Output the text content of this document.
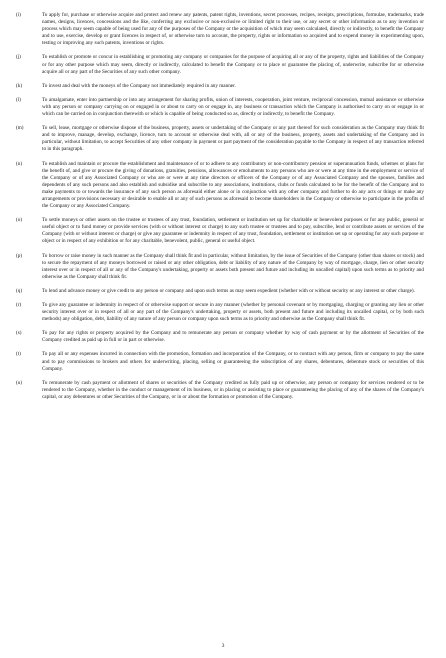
(i)	To apply for, purchase or otherwise acquire and protect and renew any patents, patent rights, inventions, secret processes, recipes, receipts, prescriptions, formulae, trademarks, trade names, designs, licences, concessions and the like, conferring any exclusive or non-exclusive or limited right to their use, or any secret or other information as to any invention or process which may seem capable of being used for any of the purposes of the Company or the acquisition of which may seem calculated, directly or indirectly, to benefit the Company and to use, exercise, develop or grant licences in respect of, or otherwise turn to account, the property, rights or information so acquired and to expend money in experimenting upon, testing or improving any such patents, inventions or rights.
(j)	To establish or promote or concur in establishing or promoting any company or companies for the purpose of acquiring all or any of the property, rights and liabilities of the Company or for any other purpose which may seem, directly or indirectly, calculated to benefit the Company or to place or guarantee the placing of, underwrite, subscribe for or otherwise acquire all or any part of the Securities of any such other company.
(k)	To invest and deal with the moneys of the Company not immediately required in any manner.
(l)	To amalgamate, enter into partnership or into any arrangement for sharing profits, union of interests, cooperation, joint venture, reciprocal concession, mutual assistance or otherwise with any person or company carrying on or engaged in or about to carry on or engage in, any business or transaction which the Company is authorised to carry on or engage in or which can be carried on in conjunction therewith or which is capable of being conducted so as, directly or indirectly, to benefit the Company.
(m)	To sell, lease, mortgage or otherwise dispose of the business, property, assets or undertaking of the Company or any part thereof for such consideration as the Company may think fit and to improve, manage, develop, exchange, licence, turn to account or otherwise deal with, all or any of the business, property, assets and undertaking of the Company and in particular, without limitation, to accept Securities of any other company in payment or part payment of the consideration payable to the Company in respect of any transaction referred to in this paragraph.
(n)	To establish and maintain or procure the establishment and maintenance of or to adhere to any contributory or non-contributory pension or superannuation funds, schemes or plans for the benefit of, and give or procure the giving of donations, gratuities, pensions, allowances or emoluments to any persons who are or were at any time in the employment or service of the Company or of any Associated Company or who are or were at any time directors or officers of the Company or of any Associated Company and the spouses, families and dependents of any such persons and also establish and subsidise and subscribe to any associations, institutions, clubs or funds calculated to be for the benefit of the Company and to make payments to or towards the insurance of any such person as aforesaid either alone or in conjunction with any other company and further to do any acts or things or make any arrangements or provisions necessary or desirable to enable all or any of such persons as aforesaid to become shareholders in the Company or otherwise to participate in the profits of the Company or any Associated Company.
(o)	To settle moneys or other assets on the trustee or trustees of any trust, foundation, settlement or institution set up for charitable or benevolent purposes or for any public, general or useful object or to fund money or provide services (with or without interest or charge) to any such trustee or trustees and to pay, subscribe, lend or contribute assets or services of the Company (with or without interest or charge) or give any guarantee or indemnity in respect of any trust, foundation, settlement or institution set up or operating for any such purpose or object or in respect of any exhibition or for any charitable, benevolent, public, general or useful object.
(p)	To borrow or raise money in such manner as the Company shall think fit and in particular, without limitation, by the issue of Securities of the Company (other than shares or stock) and to secure the repayment of any moneys borrowed or raised or any other obligation, debt or liability of any nature of the Company by way of mortgage, charge, lien or other security interest over or in respect of all or any of the Company's undertaking, property or assets both present and future and including its uncalled capital) upon such terms as to priority and otherwise as the Company shall think fit.
(q)	To lend and advance money or give credit to any person or company and upon such terms as may seem expedient (whether with or without security or any interest or other charge).
(r)	To give any guarantee or indemnity in respect of or otherwise support or secure in any manner (whether by personal covenant or by mortgaging, charging or granting any lien or other security interest over or in respect of all or any part of the Company's undertaking, property or assets, both present and future and including its uncalled capital, or by both such methods) any obligation, debt, liability of any nature of any person or company upon such terms as to priority and otherwise as the Company shall think fit.
(s)	To pay for any rights or property acquired by the Company and to remunerate any person or company whether by way of cash payment or by the allotment of Securities of the Company credited as paid up in full or in part or otherwise.
(t)	To pay all or any expenses incurred in connection with the promotion, formation and incorporation of the Company, or to contract with any person, firm or company to pay the same and to pay commissions to brokers and others for underwriting, placing, selling or guaranteeing the subscription of any shares, debentures, debenture stock or securities of this Company.
(u)	To remunerate by cash payment or allotment of shares or securities of the Company credited as fully paid up or otherwise, any person or company for services rendered or to be rendered to the Company, whether in the conduct or management of its business, or in placing or assisting to place or guaranteeing the placing of any of the shares of the Company's capital, or any debentures or other Securities of the Company, or in or about the formation or promotion of the Company.
3
